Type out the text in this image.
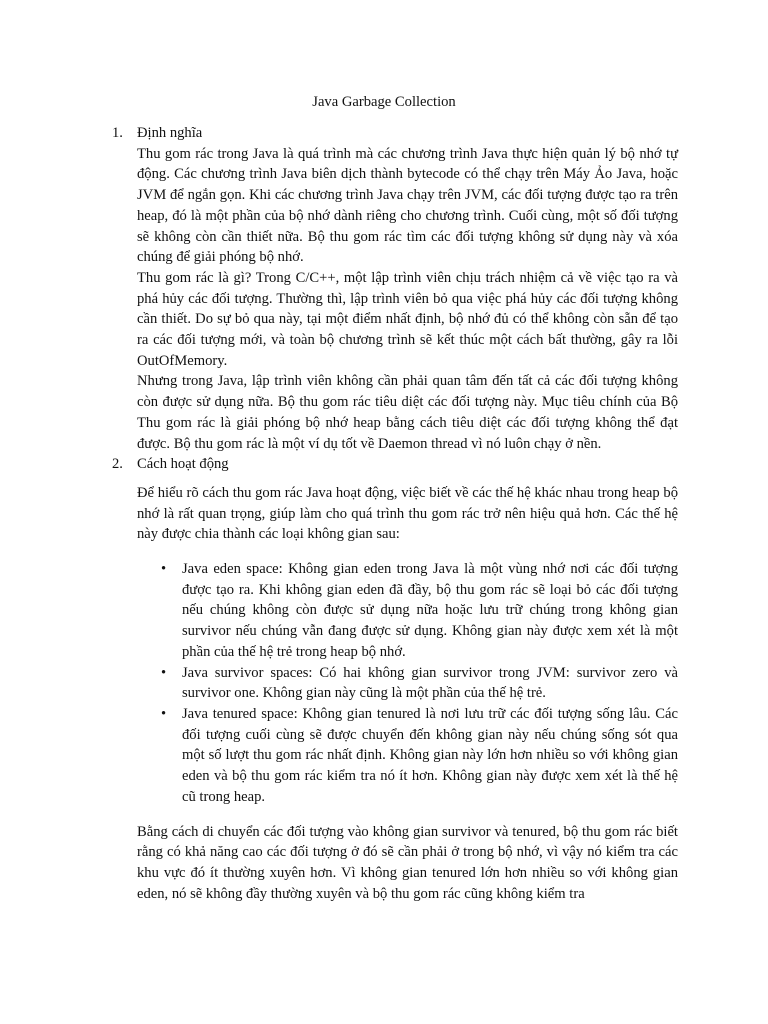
Java Garbage Collection
1. Định nghĩa

Thu gom rác trong Java là quá trình mà các chương trình Java thực hiện quản lý bộ nhớ tự động. Các chương trình Java biên dịch thành bytecode có thể chạy trên Máy Ảo Java, hoặc JVM để ngắn gọn. Khi các chương trình Java chạy trên JVM, các đối tượng được tạo ra trên heap, đó là một phần của bộ nhớ dành riêng cho chương trình. Cuối cùng, một số đối tượng sẽ không còn cần thiết nữa. Bộ thu gom rác tìm các đối tượng không sử dụng này và xóa chúng để giải phóng bộ nhớ.

Thu gom rác là gì? Trong C/C++, một lập trình viên chịu trách nhiệm cả về việc tạo ra và phá hủy các đối tượng. Thường thì, lập trình viên bỏ qua việc phá hủy các đối tượng không cần thiết. Do sự bỏ qua này, tại một điểm nhất định, bộ nhớ đủ có thể không còn sẵn để tạo ra các đối tượng mới, và toàn bộ chương trình sẽ kết thúc một cách bất thường, gây ra lỗi OutOfMemory.

Nhưng trong Java, lập trình viên không cần phải quan tâm đến tất cả các đối tượng không còn được sử dụng nữa. Bộ thu gom rác tiêu diệt các đối tượng này. Mục tiêu chính của Bộ Thu gom rác là giải phóng bộ nhớ heap bằng cách tiêu diệt các đối tượng không thể đạt được. Bộ thu gom rác là một ví dụ tốt về Daemon thread vì nó luôn chạy ở nền.

2. Cách hoạt động

Để hiểu rõ cách thu gom rác Java hoạt động, việc biết về các thế hệ khác nhau trong heap bộ nhớ là rất quan trọng, giúp làm cho quá trình thu gom rác trở nên hiệu quả hơn. Các thế hệ này được chia thành các loại không gian sau:

• Java eden space: Không gian eden trong Java là một vùng nhớ nơi các đối tượng được tạo ra. Khi không gian eden đã đầy, bộ thu gom rác sẽ loại bỏ các đối tượng nếu chúng không còn được sử dụng nữa hoặc lưu trữ chúng trong không gian survivor nếu chúng vẫn đang được sử dụng. Không gian này được xem xét là một phần của thế hệ trẻ trong heap bộ nhớ.
• Java survivor spaces: Có hai không gian survivor trong JVM: survivor zero và survivor one. Không gian này cũng là một phần của thế hệ trẻ.
• Java tenured space: Không gian tenured là nơi lưu trữ các đối tượng sống lâu. Các đối tượng cuối cùng sẽ được chuyển đến không gian này nếu chúng sống sót qua một số lượt thu gom rác nhất định. Không gian này lớn hơn nhiều so với không gian eden và bộ thu gom rác kiểm tra nó ít hơn. Không gian này được xem xét là thế hệ cũ trong heap.

Bằng cách di chuyển các đối tượng vào không gian survivor và tenured, bộ thu gom rác biết rằng có khả năng cao các đối tượng ở đó sẽ cần phải ở trong bộ nhớ, vì vậy nó kiểm tra các khu vực đó ít thường xuyên hơn. Vì không gian tenured lớn hơn nhiều so với không gian eden, nó sẽ không đầy thường xuyên và bộ thu gom rác cũng không kiểm tra
